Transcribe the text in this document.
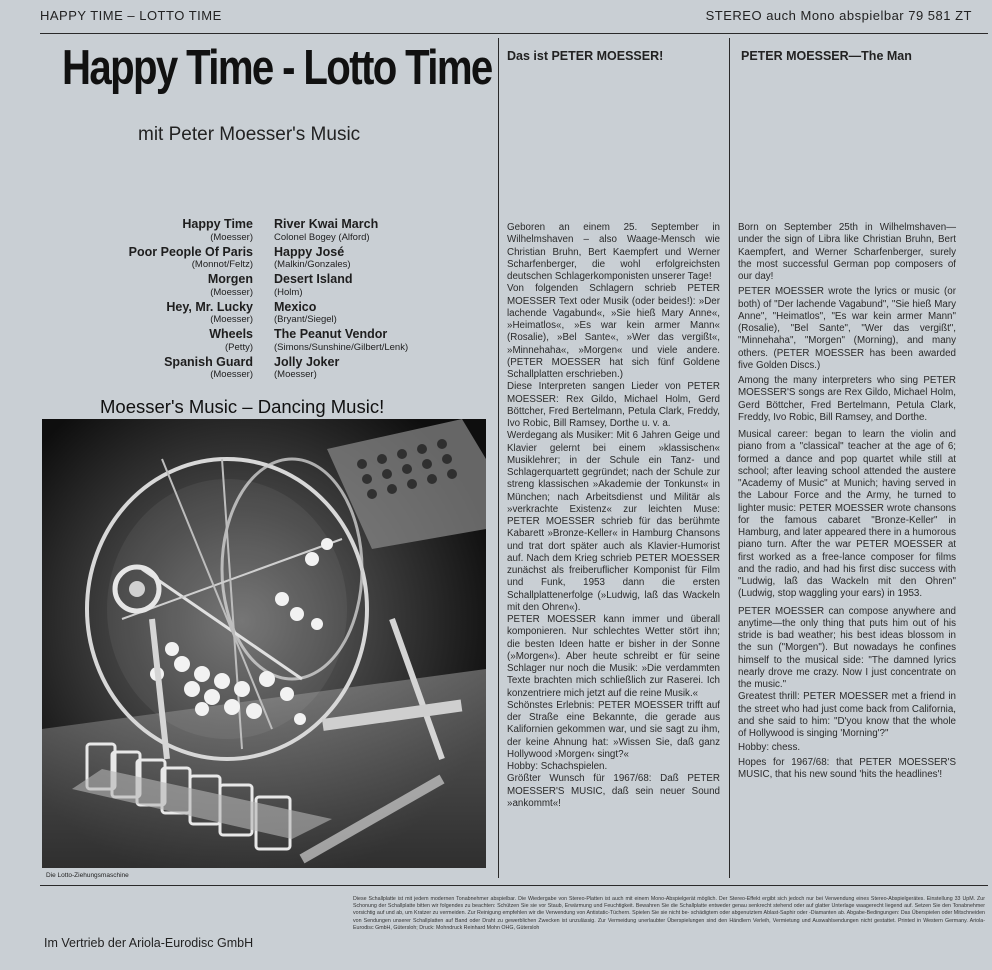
HAPPY TIME – LOTTO TIME	STEREO auch Mono abspielbar 79 581 ZT
Happy Time - Lotto Time
mit Peter Moesser's Music
Happy Time
(Moesser)
Poor People Of Paris
(Monnot/Feltz)
Morgen
(Moesser)
Hey, Mr. Lucky
(Moesser)
Wheels
(Petty)
Spanish Guard
(Moesser)
River Kwai March
Colonel Bogey (Alford)
Happy José
(Malkin/Gonzales)
Desert Island
(Holm)
Mexico
(Bryant/Siegel)
The Peanut Vendor
(Simons/Sunshine/Gilbert/Lenk)
Jolly Joker
(Moesser)
Moesser's Music – Dancing Music!
Die Lotto-Ziehungsmaschine
Das ist PETER MOESSER!

Geboren an einem 25. September in Wilhelmshaven – also Waage-Mensch wie Christian Bruhn, Bert Kaempfert und Werner Scharfenberger, die wohl erfolgreichsten deutschen Schlagerkomponisten unserer Tage!

Von folgenden Schlagern schrieb PETER MOESSER Text oder Musik (oder beides!): »Der lachende Vagabund«, »Sie hieß Mary Anne«, »Heimatlos«, »Es war kein armer Mann« (Rosalie), »Bel Sante«, »Wer das vergißt«, »Minnehaha«, »Morgen« und viele andere. (PETER MOESSER hat sich fünf Goldene Schallplatten erschrieben.)

Diese Interpreten sangen Lieder von PETER MOESSER: Rex Gildo, Michael Holm, Gerd Böttcher, Fred Bertelmann, Petula Clark, Freddy, Ivo Robic, Bill Ramsey, Dorthe u. v. a.

Werdegang als Musiker: Mit 6 Jahren Geige und Klavier gelernt bei einem »klassischen« Musiklehrer; in der Schule ein Tanz- und Schlagerquartett gegründet; nach der Schule zur streng klassischen »Akademie der Tonkunst« in München; nach Arbeitsdienst und Militär als »verkrachte Existenz« zur leichten Muse: PETER MOESSER schrieb für das berühmte Kabarett »Bronze-Keller« in Hamburg Chansons und trat dort später auch als Klavier-Humorist auf. Nach dem Krieg schrieb PETER MOESSER zunächst als freiberuflicher Komponist für Film und Funk, 1953 dann die ersten Schallplattenerfolge (»Ludwig, laß das Wackeln mit den Ohren«).

PETER MOESSER kann immer und überall komponieren. Nur schlechtes Wetter stört ihn; die besten Ideen hatte er bisher in der Sonne (»Morgen«). Aber heute schreibt er für seine Schlager nur noch die Musik: »Die verdammten Texte brachten mich schließlich zur Raserei. Ich konzentriere mich jetzt auf die reine Musik.«

Schönstes Erlebnis: PETER MOESSER trifft auf der Straße eine Bekannte, die gerade aus Kalifornien gekommen war, und sie sagt zu ihm, der keine Ahnung hat: »Wissen Sie, daß ganz Hollywood ›Morgen‹ singt?«

Hobby: Schachspielen.

Größter Wunsch für 1967/68: Daß PETER MOESSER'S MUSIC, daß sein neuer Sound »ankommt«!

PETER MOESSER—The Man

Born on September 25th in Wilhelmshaven—under the sign of Libra like Christian Bruhn, Bert Kaempfert, and Werner Scharfenberger, surely the most successful German pop composers of our day!

PETER MOESSER wrote the lyrics or music (or both) of "Der lachende Vagabund", "Sie hieß Mary Anne", "Heimatlos", "Es war kein armer Mann" (Rosalie), "Bel Sante", "Wer das vergißt", "Minnehaha", "Morgen" (Morning), and many others. (PETER MOESSER has been awarded five Golden Discs.)

Among the many interpreters who sing PETER MOESSER'S songs are Rex Gildo, Michael Holm, Gerd Böttcher, Fred Bertelmann, Petula Clark, Freddy, Ivo Robic, Bill Ramsey, and Dorthe.

Musical career: began to learn the violin and piano from a "classical" teacher at the age of 6; formed a dance and pop quartet while still at school; after leaving school attended the austere "Academy of Music" at Munich; having served in the Labour Force and the Army, he turned to lighter music: PETER MOESSER wrote chansons for the famous cabaret "Bronze-Keller" in Hamburg, and later appeared there in a humorous piano turn. After the war PETER MOESSER at first worked as a free-lance composer for films and the radio, and had his first disc success with "Ludwig, laß das Wackeln mit den Ohren" (Ludwig, stop waggling your ears) in 1953.

PETER MOESSER can compose anywhere and anytime—the only thing that puts him out of his stride is bad weather; his best ideas blossom in the sun ("Morgen"). But nowadays he confines himself to the musical side: "The damned lyrics nearly drove me crazy. Now I just concentrate on the music."

Greatest thrill: PETER MOESSER met a friend in the street who had just come back from California, and she said to him: "D'you know that the whole of Hollywood is singing 'Morning'?"

Hobby: chess.

Hopes for 1967/68: that PETER MOESSER'S MUSIC, that his new sound 'hits the headlines'!

Diese Schallplatte ist mit jedem modernen Tonabnehmer abspielbar. Die Wiedergabe von Stereo-Platten ist auch mit einem Mono-Abspielgerät möglich. Der Stereo-Effekt ergibt sich jedoch nur bei Verwendung eines Stereo-Abspielgerätes. Einstellung 33 UpM. Zur Schonung der Schallplatte bitten wir folgendes zu beachten: Schützen Sie sie vor Staub, Erwärmung und Feuchtigkeit. Bewahren Sie die Schallplatte entweder genau senkrecht stehend oder auf glatter Unterlage waagerecht liegend auf. Setzen Sie den Tonabnehmer vorsichtig auf und ab, um Kratzer zu vermeiden. Zur Reinigung empfehlen wir die Verwendung von Antistatic-Tüchern. Spielen Sie sie nicht be- schädigtem oder abgenutztem Ablast-Saphir oder -Diamanten ab. Abgabe-Bedingungen: Das Überspielen oder Mitschneiden von Sendungen unserer Schallplatten auf Band oder Draht zu gewerblichen Zwecken ist unzulässig. Zur Vermeidung unerlaubter Überspielungen sind den Händlern Verleih, Vermietung und Auswahlsendungen nicht gestattet. Printed in Western Germany. Ariola-Eurodisc GmbH, Gütersloh; Druck: Mohndruck Reinhard Mohn OHG, Gütersloh
Im Vertrieb der Ariola-Eurodisc GmbH
